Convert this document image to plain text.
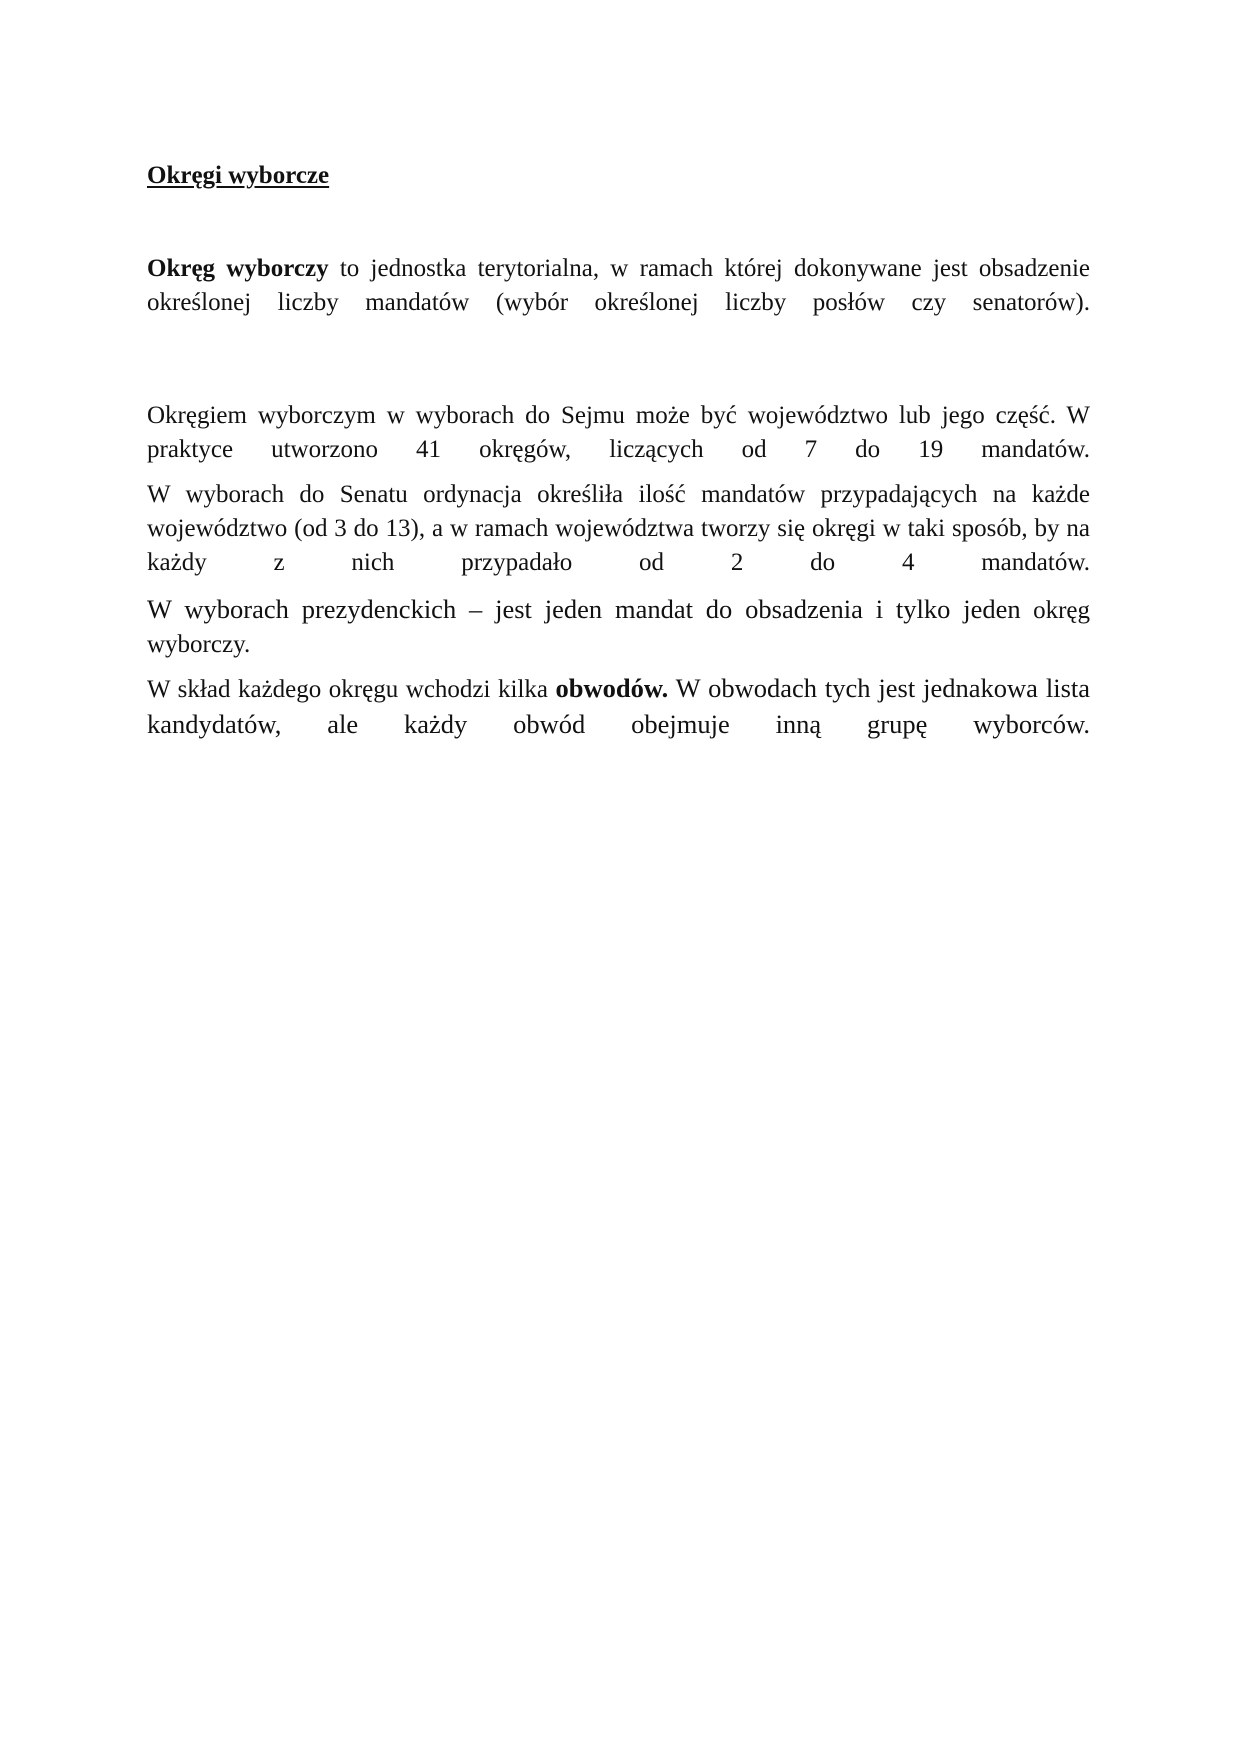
Okręgi wyborcze

Okręg wyborczy to jednostka terytorialna, w ramach której dokonywane jest obsadzenie określonej liczby mandatów (wybór określonej liczby posłów czy senatorów).

Okręgiem wyborczym w wyborach do Sejmu może być województwo lub jego część. W praktyce utworzono 41 okręgów, liczących od 7 do 19 mandatów.

W wyborach do Senatu ordynacja określiła ilość mandatów przypadających na każde województwo (od 3 do 13), a w ramach województwa tworzy się okręgi w taki sposób, by na każdy z nich przypadało od 2 do 4 mandatów.

W wyborach prezydenckich – jest jeden mandat do obsadzenia i tylko jeden okręg wyborczy.

W skład każdego okręgu wchodzi kilka obwodów. W obwodach tych jest jednakowa lista kandydatów, ale każdy obwód obejmuje inną grupę wyborców.
